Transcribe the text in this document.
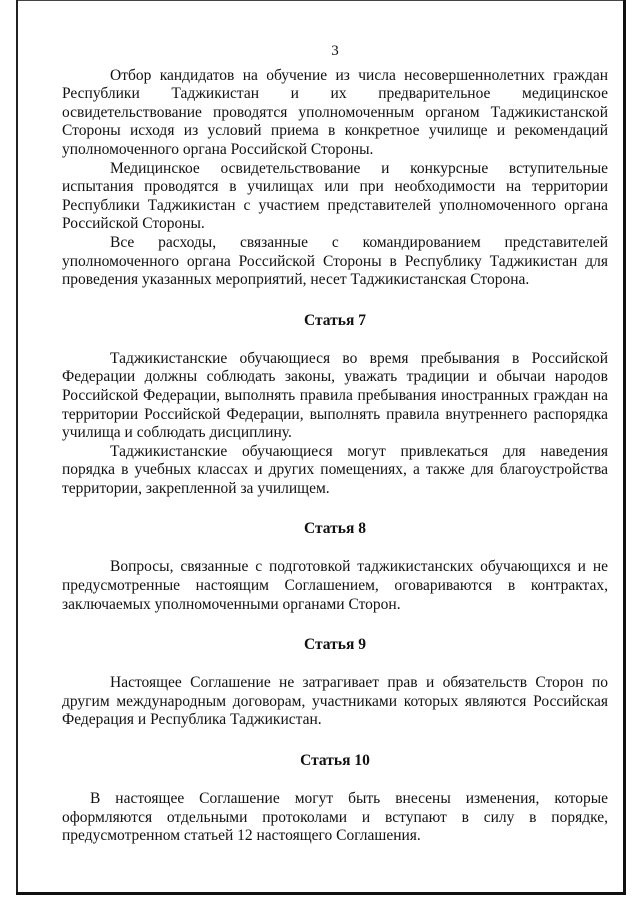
3

Отбор кандидатов на обучение из числа несовершеннолетних граждан Республики Таджикистан и их предварительное медицинское освидетельствование проводятся уполномоченным органом Таджикистанской Стороны исходя из условий приема в конкретное училище и рекомендаций уполномоченного органа Российской Стороны.

Медицинское освидетельствование и конкурсные вступительные испытания проводятся в училищах или при необходимости на территории Республики Таджикистан с участием представителей уполномоченного органа Российской Стороны.

Все расходы, связанные с командированием представителей уполномоченного органа Российской Стороны в Республику Таджикистан для проведения указанных мероприятий, несет Таджикистанская Сторона.

Статья 7

Таджикистанские обучающиеся во время пребывания в Российской Федерации должны соблюдать законы, уважать традиции и обычаи народов Российской Федерации, выполнять правила пребывания иностранных граждан на территории Российской Федерации, выполнять правила внутреннего распорядка училища и соблюдать дисциплину.

Таджикистанские обучающиеся могут привлекаться для наведения порядка в учебных классах и других помещениях, а также для благоустройства территории, закрепленной за училищем.

Статья 8

Вопросы, связанные с подготовкой таджикистанских обучающихся и не предусмотренные настоящим Соглашением, оговариваются в контрактах, заключаемых уполномоченными органами Сторон.

Статья 9

Настоящее Соглашение не затрагивает прав и обязательств Сторон по другим международным договорам, участниками которых являются Российская Федерация и Республика Таджикистан.

Статья 10

В настоящее Соглашение могут быть внесены изменения, которые оформляются отдельными протоколами и вступают в силу в порядке, предусмотренном статьей 12 настоящего Соглашения.
